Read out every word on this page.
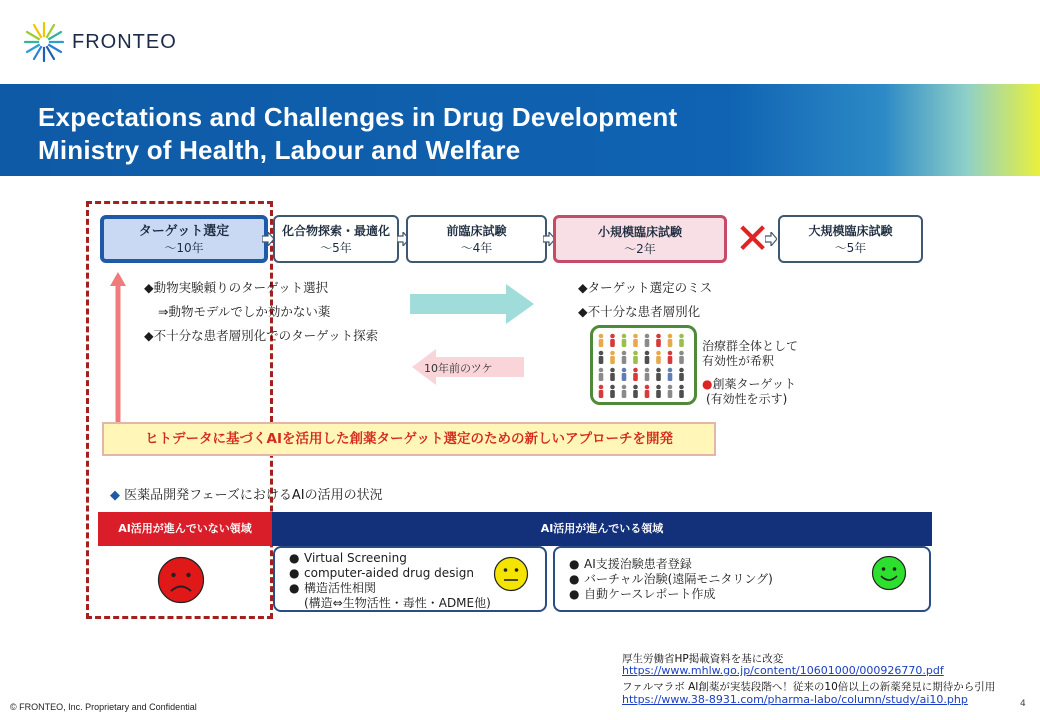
FRONTEO
Expectations and Challenges in Drug Development
Ministry of Health, Labour and Welfare
ターゲット選定
～10年
化合物探索・最適化
～5年
前臨床試験
～4年
小規模臨床試験
～2年	✕	大規模臨床試験
～5年
◆動物実験頼りのターゲット選択
⇒動物モデルでしか効かない薬
◆不十分な患者層別化でのターゲット探索
10年前のツケ
◆ターゲット選定のミス
◆不十分な患者層別化
治療群全体として
有効性が希釈
●創薬ターゲット
(有効性を示す)
ヒトデータに基づくAIを活用した創薬ターゲット選定のための新しいアプローチを開発
◆ 医薬品開発フェーズにおけるAIの活用の状況
AI活用が進んでいない領域	AI活用が進んでいる領域
● Virtual Screening
● computer-aided drug design
● 構造活性相関
(構造⇔生物活性・毒性・ADME他)
● AI支援治験患者登録
● バーチャル治験(遠隔モニタリング)
● 自動ケースレポート作成
厚生労働省HP掲載資料を基に改変
https://www.mhlw.go.jp/content/10601000/000926770.pdf
ファルマラボ AI創薬が実装段階へ！従来の10倍以上の新薬発見に期待から引用
https://www.38-8931.com/pharma-labo/column/study/ai10.php
© FRONTEO, Inc. Proprietary and Confidential	4
